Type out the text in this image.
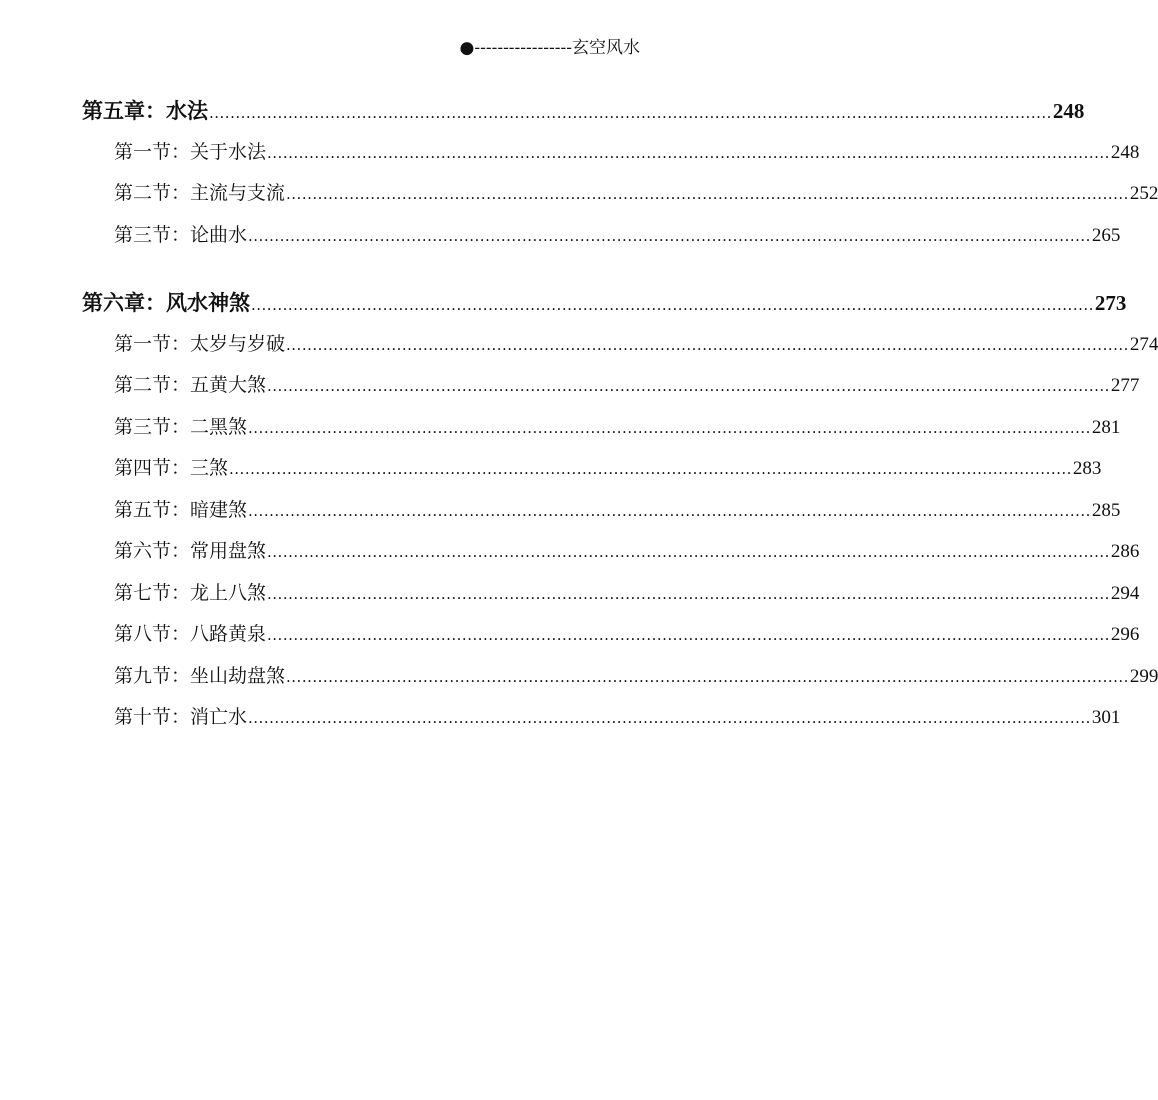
●-----------------玄空风水
第五章：水法 ................................................................................................................................................................ 248
第一节：关于水法 ................................................................................................................................................................ 248
第二节：主流与支流 ................................................................................................................................................................ 252
第三节：论曲水 ................................................................................................................................................................ 265
第六章：风水神煞 ................................................................................................................................................................ 273
第一节：太岁与岁破 ................................................................................................................................................................ 274
第二节：五黄大煞 ................................................................................................................................................................ 277
第三节：二黑煞 ................................................................................................................................................................ 281
第四节：三煞 ................................................................................................................................................................ 283
第五节：暗建煞 ................................................................................................................................................................ 285
第六节：常用盘煞 ................................................................................................................................................................ 286
第七节：龙上八煞 ................................................................................................................................................................ 294
第八节：八路黄泉 ................................................................................................................................................................ 296
第九节：坐山劫盘煞 ................................................................................................................................................................ 299
第十节：消亡水 ................................................................................................................................................................ 301
